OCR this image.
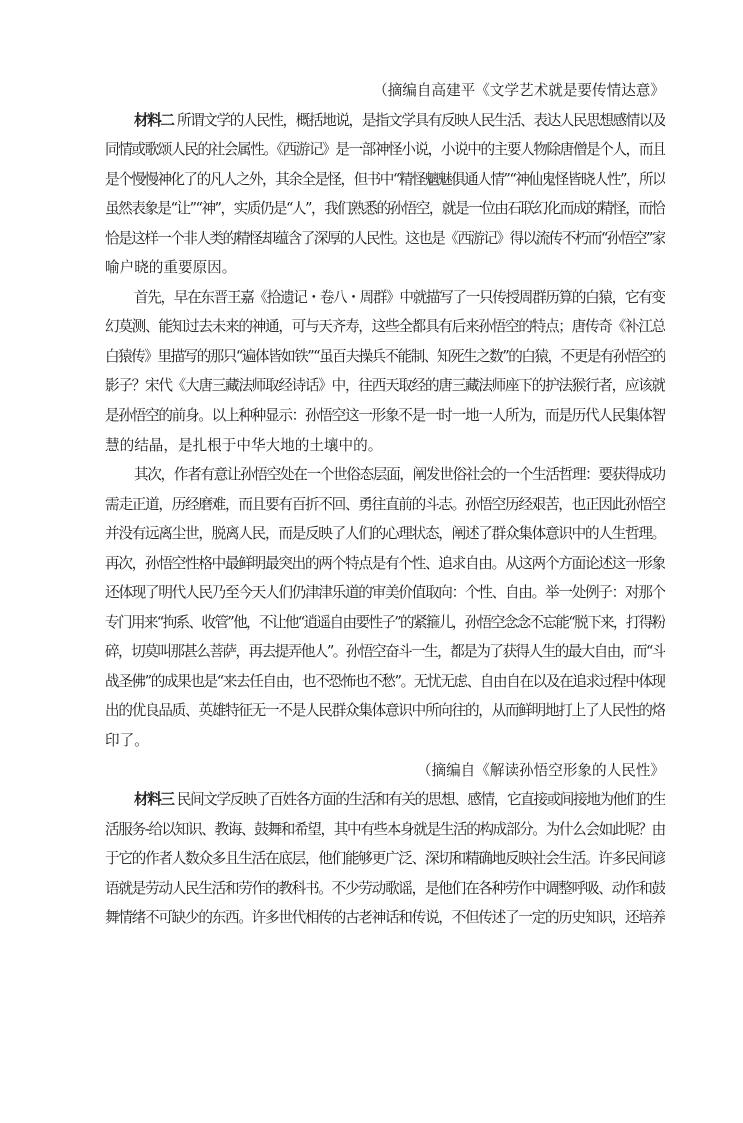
（摘编自高建平《文学艺术就是要传情达意》
材料二 所谓文学的人民性，概括地说，是指文学具有反映人民生活、表达人民思想感情以及
同情或歌颂人民的社会属性。《西游记》是一部神怪小说，小说中的主要人物除唐僧是个人，而且
是个慢慢神化了的凡人之外，其余全是怪，但书中“精怪魑魅俱通人情”“神仙鬼怪皆晓人性”，所以
虽然表象是“让”“神”，实质仍是“人”，我们熟悉的孙悟空，就是一位由石联幻化而成的精怪，而恰
恰是这样一个非人类的精怪却蕴含了深厚的人民性。这也是《西游记》得以流传不朽而“孙悟空”家
喻户晓的重要原因。
首先，早在东晋王嘉《拾遗记・卷八・周群》中就描写了一只传授周群历算的白猿，它有变
幻莫测、能知过去未来的神通，可与天齐寿，这些全都具有后来孙悟空的特点；唐传奇《补江总
白猿传》里描写的那只“遍体皆如铁”“虽百夫操兵不能制、知死生之数”的白猿，不更是有孙悟空的
影子？宋代《大唐三藏法师取经诗话》中，往西天取经的唐三藏法师座下的护法猴行者，应该就
是孙悟空的前身。以上种种显示：孙悟空这一形象不是一时一地一人所为，而是历代人民集体智
慧的结晶，是扎根于中华大地的土壤中的。
其次，作者有意让孙悟空处在一个世俗态层面，阐发世俗社会的一个生活哲理：要获得成功
需走正道，历经磨难，而且要有百折不回、勇往直前的斗志。孙悟空历经艰苦，也正因此孙悟空
并没有远离尘世，脱离人民，而是反映了人们的心理状态，阐述了群众集体意识中的人生哲理。
再次，孙悟空性格中最鲜明最突出的两个特点是有个性、追求自由。从这两个方面论述这一形象
还体现了明代人民乃至今天人们仍津津乐道的审美价值取向：个性、自由。举一处例子：对那个
专门用来“拘系、收管”他，不让他“逍遥自由要性子”的紧箍儿，孙悟空念念不忘能“脱下来，打得粉
碎，切莫叫那甚么菩萨，再去提弄他人”。孙悟空奋斗一生，都是为了获得人生的最大自由，而“斗
战圣佛”的成果也是“来去任自由，也不恐怖也不愁”。无忧无虑、自由自在以及在追求过程中体现
出的优良品质、英雄特征无一不是人民群众集体意识中所向往的，从而鲜明地打上了人民性的烙
印了。
（摘编自《解读孙悟空形象的人民性》
材料三 民间文学反映了百姓各方面的生活和有关的思想、感情，它直接或间接地为他们的生
活服务-给以知识、教诲、鼓舞和希望，其中有些本身就是生活的构成部分。为什么会如此呢？由
于它的作者人数众多且生活在底层，他们能够更广泛、深切和精确地反映社会生活。许多民间谚
语就是劳动人民生活和劳作的教科书。不少劳动歌谣，是他们在各种劳作中调整呼吸、动作和鼓
舞情绪不可缺少的东西。许多世代相传的古老神话和传说，不但传述了一定的历史知识，还培养
